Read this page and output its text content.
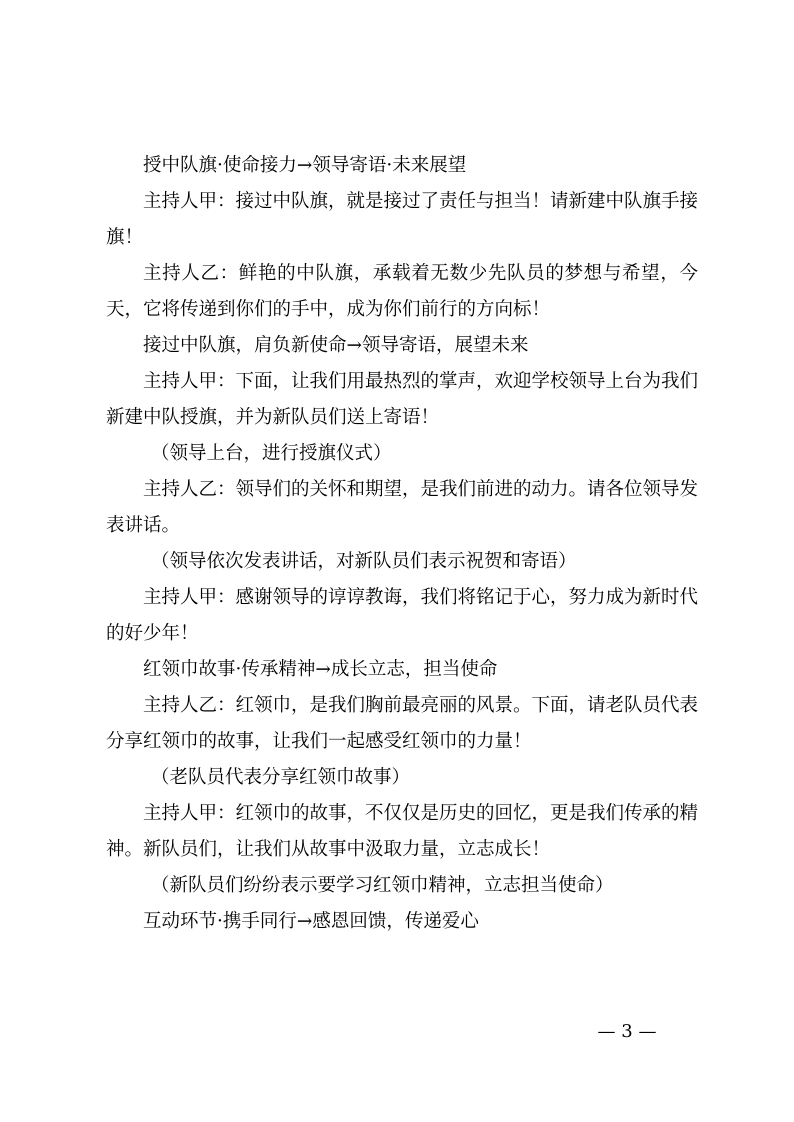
授中队旗·使命接力→领导寄语·未来展望

主持人甲：接过中队旗，就是接过了责任与担当！请新建中队旗手接旗！

主持人乙：鲜艳的中队旗，承载着无数少先队员的梦想与希望，今天，它将传递到你们的手中，成为你们前行的方向标！

接过中队旗，肩负新使命→领导寄语，展望未来

主持人甲：下面，让我们用最热烈的掌声，欢迎学校领导上台为我们新建中队授旗，并为新队员们送上寄语！

（领导上台，进行授旗仪式）

主持人乙：领导们的关怀和期望，是我们前进的动力。请各位领导发表讲话。

（领导依次发表讲话，对新队员们表示祝贺和寄语）

主持人甲：感谢领导的谆谆教诲，我们将铭记于心，努力成为新时代的好少年！

红领巾故事·传承精神→成长立志，担当使命

主持人乙：红领巾，是我们胸前最亮丽的风景。下面，请老队员代表分享红领巾的故事，让我们一起感受红领巾的力量！

（老队员代表分享红领巾故事）

主持人甲：红领巾的故事，不仅仅是历史的回忆，更是我们传承的精神。新队员们，让我们从故事中汲取力量，立志成长！

（新队员们纷纷表示要学习红领巾精神，立志担当使命）

互动环节·携手同行→感恩回馈，传递爱心

— 3 —
